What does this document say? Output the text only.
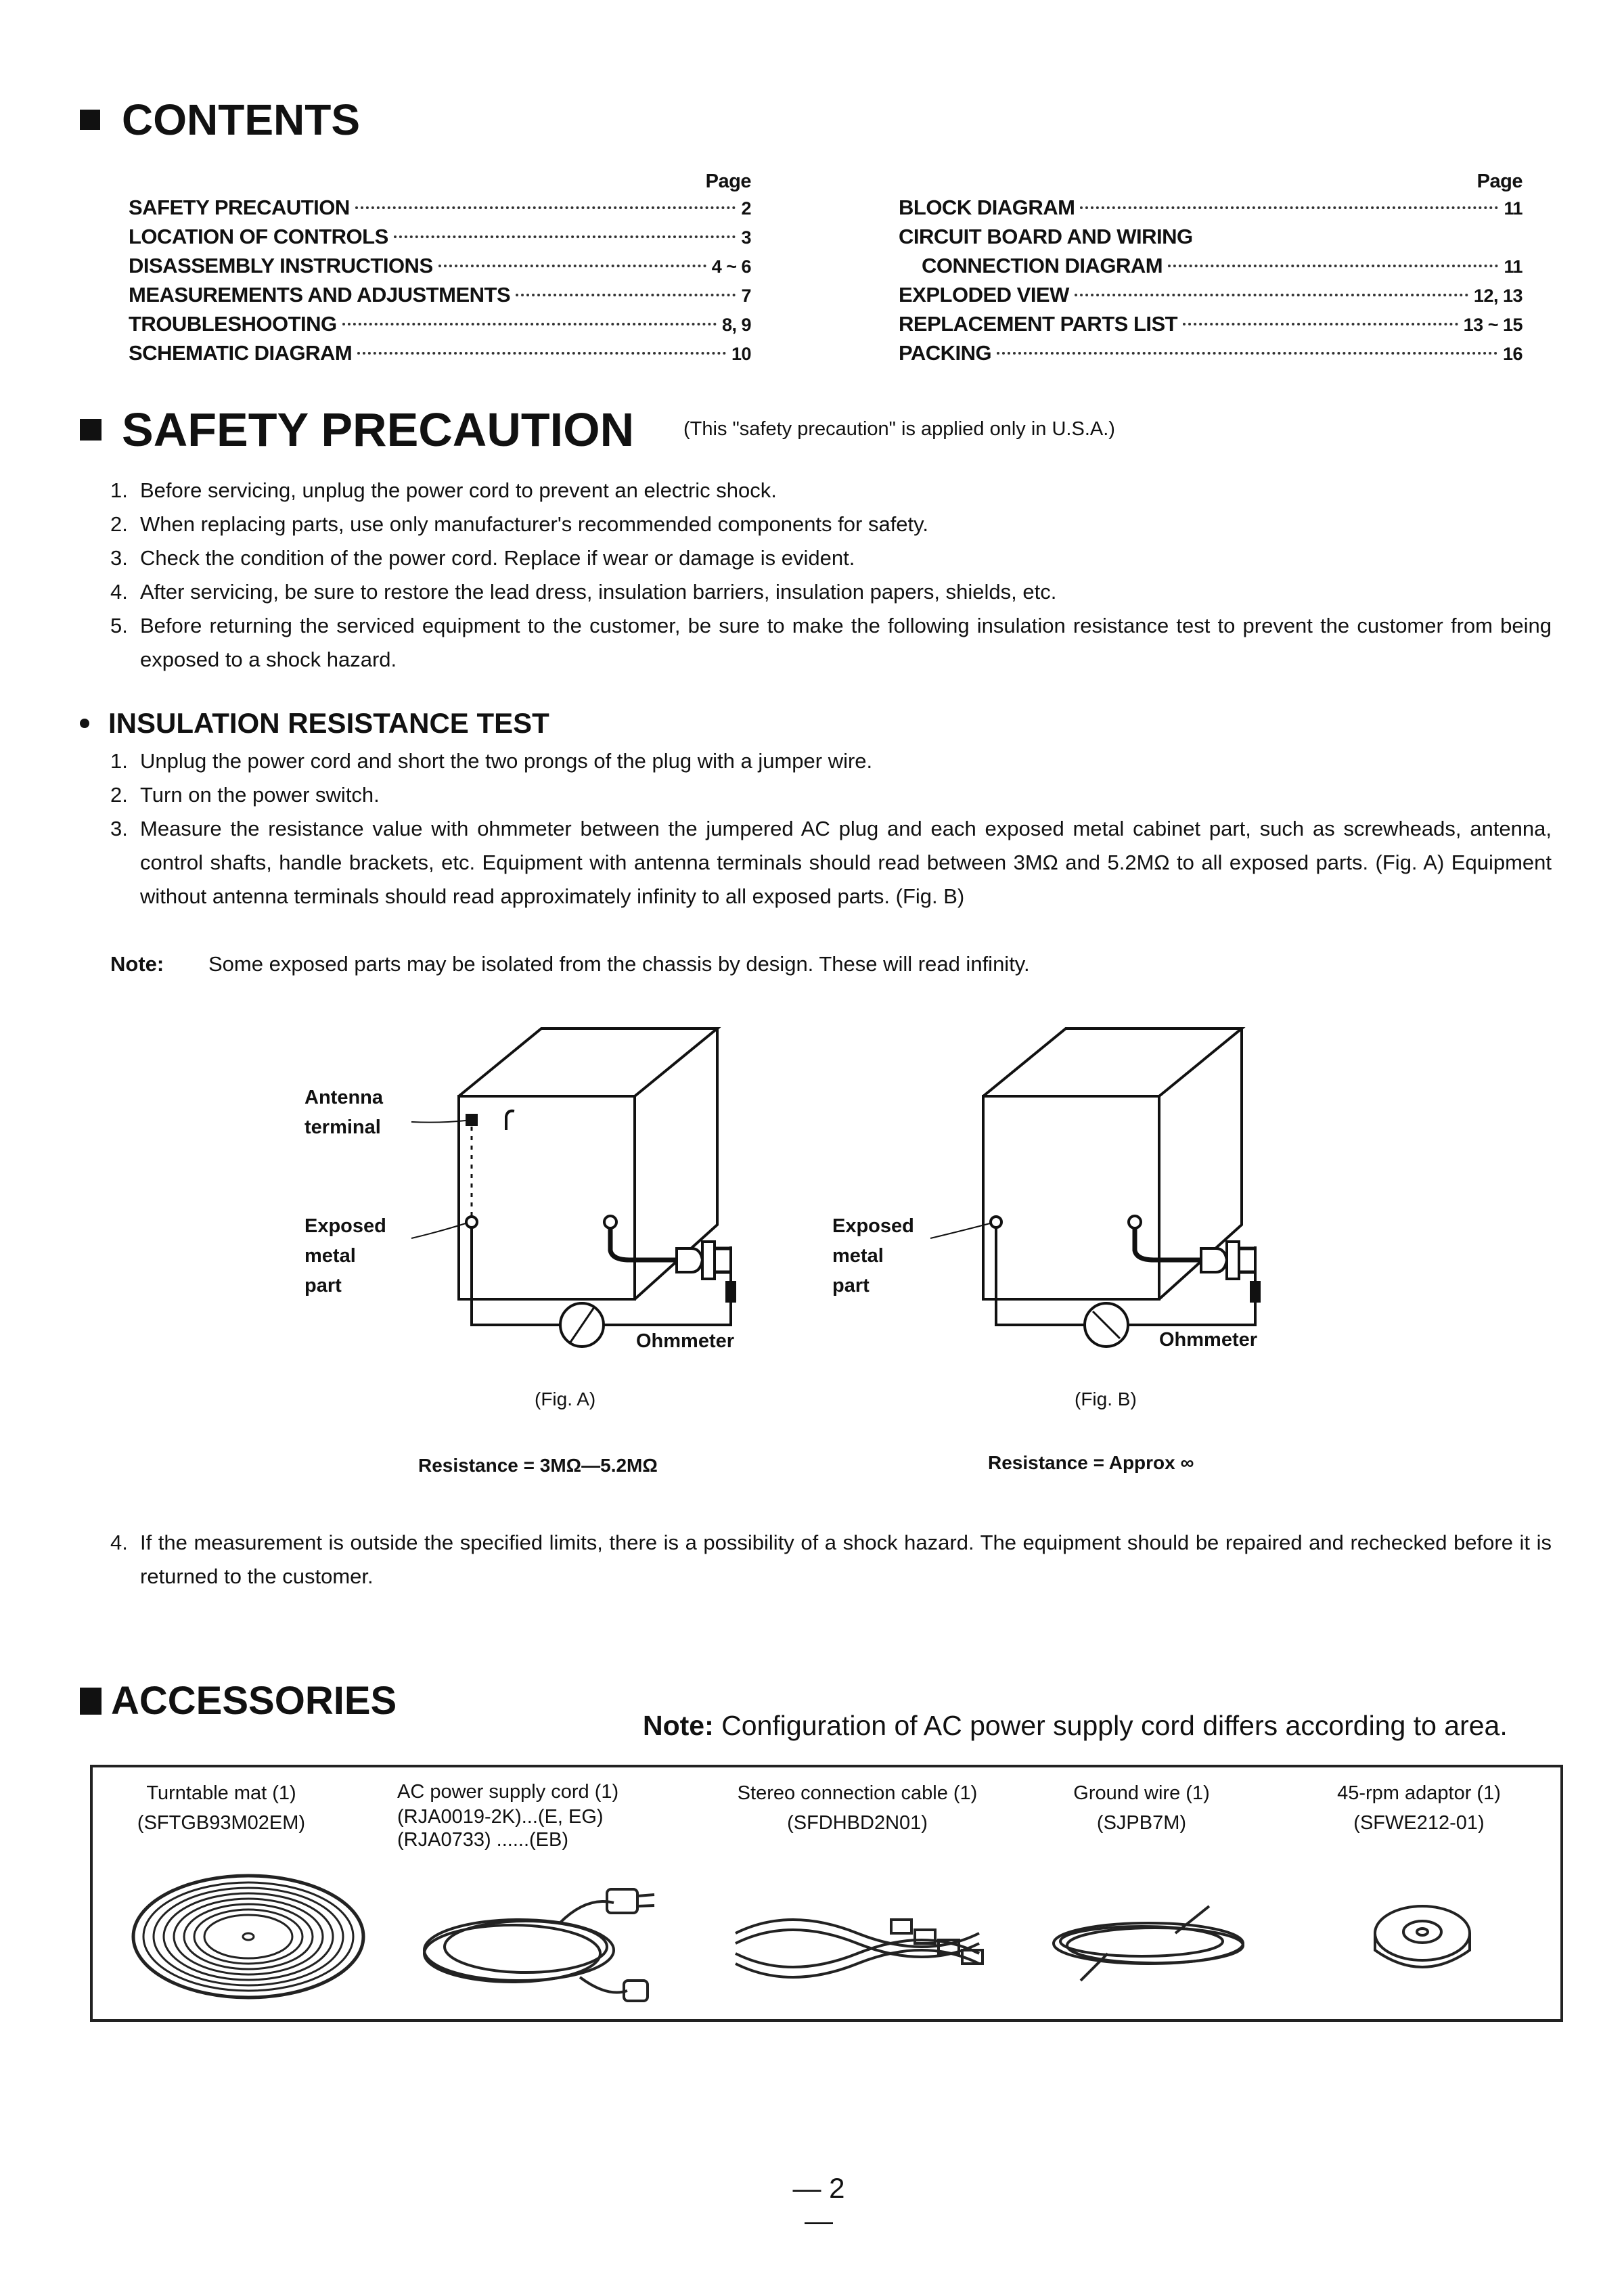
CONTENTS
Page
SAFETY PRECAUTION	2
LOCATION OF CONTROLS	3
DISASSEMBLY INSTRUCTIONS	4 ~ 6
MEASUREMENTS AND ADJUSTMENTS	7
TROUBLESHOOTING	8, 9
SCHEMATIC DIAGRAM	10
Page
BLOCK DIAGRAM	11
CIRCUIT BOARD AND WIRING
CONNECTION DIAGRAM	11
EXPLODED VIEW	12, 13
REPLACEMENT PARTS LIST	13 ~ 15
PACKING	16
SAFETY PRECAUTION	(This "safety precaution" is applied only in U.S.A.)
1. Before servicing, unplug the power cord to prevent an electric shock.
2. When replacing parts, use only manufacturer's recommended components for safety.
3. Check the condition of the power cord. Replace if wear or damage is evident.
4. After servicing, be sure to restore the lead dress, insulation barriers, insulation papers, shields, etc.
5. Before returning the serviced equipment to the customer, be sure to make the following insulation resistance test to prevent the customer from being exposed to a shock hazard.
INSULATION RESISTANCE TEST
1. Unplug the power cord and short the two prongs of the plug with a jumper wire.
2. Turn on the power switch.
3. Measure the resistance value with ohmmeter between the jumpered AC plug and each exposed metal cabinet part, such as screwheads, antenna, control shafts, handle brackets, etc. Equipment with antenna terminals should read between 3MΩ and 5.2MΩ to all exposed parts. (Fig. A) Equipment without antenna terminals should read approximately infinity to all exposed parts. (Fig. B)
Note: Some exposed parts may be isolated from the chassis by design. These will read infinity.
Antenna
terminal
Exposed
metal
part
Ohmmeter
(Fig. A)
Resistance = 3MΩ—5.2MΩ
Exposed
metal
part
Ohmmeter
(Fig. B)
Resistance = Approx ∞
4. If the measurement is outside the specified limits, there is a possibility of a shock hazard. The equipment should be repaired and rechecked before it is returned to the customer.
ACCESSORIES
Note: Configuration of AC power supply cord differs according to area.
Turntable mat (1)
(SFTGB93M02EM)
AC power supply cord (1)
(RJA0019-2K)...(E, EG)
(RJA0733) ......(EB)
Stereo connection cable (1)
(SFDHBD2N01)
Ground wire (1)
(SJPB7M)
45-rpm adaptor (1)
(SFWE212-01)
— 2 —
